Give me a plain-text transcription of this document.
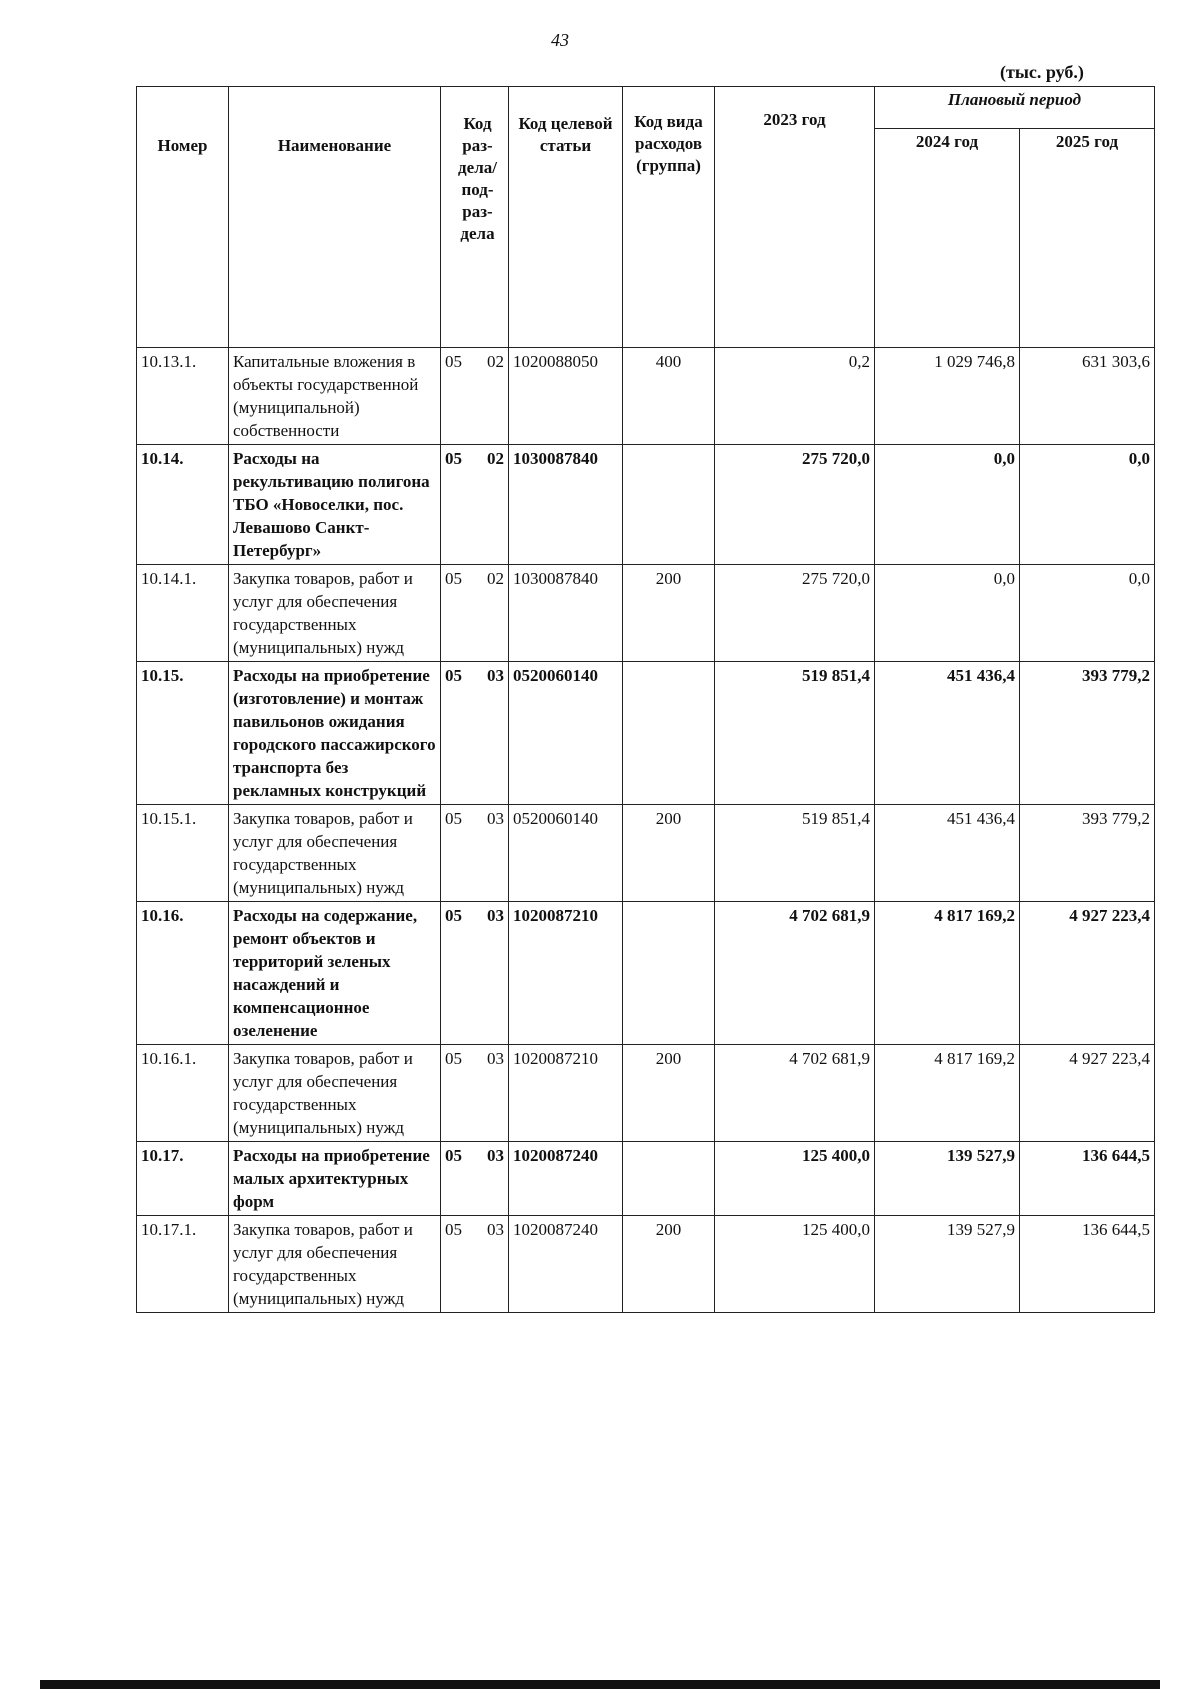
43
(тыс. руб.)
Номер	Наименование	Код раз-дела/ под-раз-дела	Код целевой статьи	Код вида расходов (группа)	2023 год	Плановый период	
						2024 год	2025 год
10.13.1.	Капитальные вложения в объекты государственной (муниципальной) собственности	05 02	1020088050	400	0,2	1 029 746,8	631 303,6
10.14.	Расходы на рекультивацию полигона ТБО «Новоселки, пос. Левашово Санкт-Петербург»	05 02	1030087840		275 720,0	0,0	0,0
10.14.1.	Закупка товаров, работ и услуг для обеспечения государственных (муниципальных) нужд	05 02	1030087840	200	275 720,0	0,0	0,0
10.15.	Расходы на приобретение (изготовление) и монтаж павильонов ожидания городского пассажирского транспорта без рекламных конструкций	05 03	0520060140		519 851,4	451 436,4	393 779,2
10.15.1.	Закупка товаров, работ и услуг для обеспечения государственных (муниципальных) нужд	05 03	0520060140	200	519 851,4	451 436,4	393 779,2
10.16.	Расходы на содержание, ремонт объектов и территорий зеленых насаждений и компенсационное озеленение	05 03	1020087210		4 702 681,9	4 817 169,2	4 927 223,4
10.16.1.	Закупка товаров, работ и услуг для обеспечения государственных (муниципальных) нужд	05 03	1020087210	200	4 702 681,9	4 817 169,2	4 927 223,4
10.17.	Расходы на приобретение малых архитектурных форм	05 03	1020087240		125 400,0	139 527,9	136 644,5
10.17.1.	Закупка товаров, работ и услуг для обеспечения государственных (муниципальных) нужд	05 03	1020087240	200	125 400,0	139 527,9	136 644,5
